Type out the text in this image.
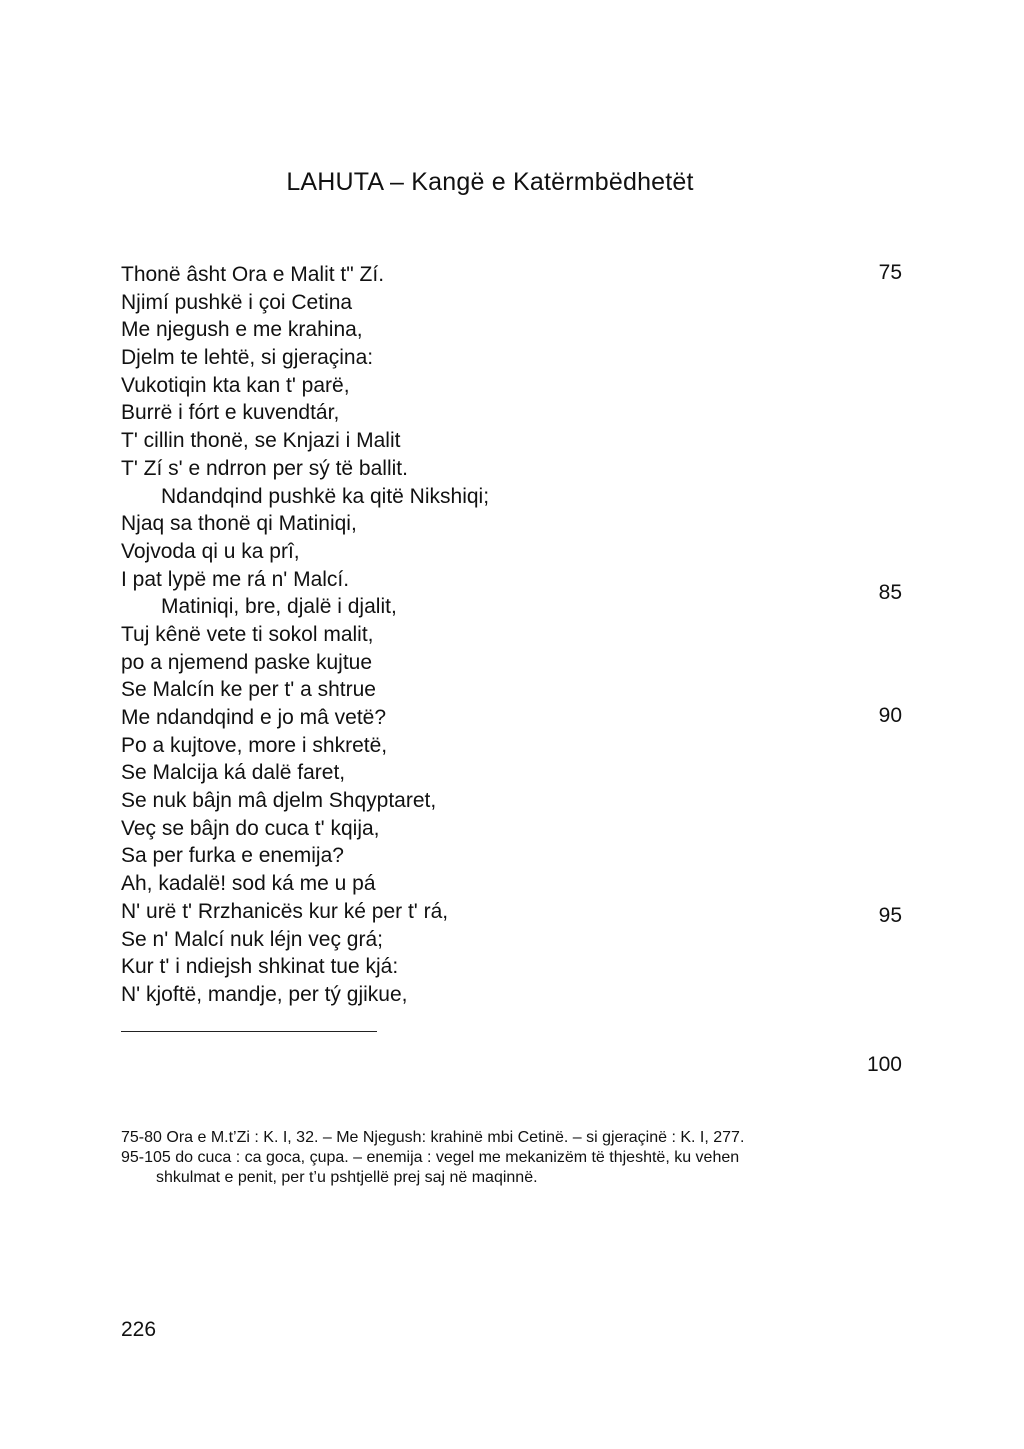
LAHUTA – Kangë e Katërmbëdhetët
Thonë âsht Ora e Malit t" Zí.
Njimí pushkë i çoi Cetina
Me njegush e me krahina,
Djelm te lehtë, si gjeraçina:
Vukotiqin kta kan t' parë,
Burrë i fórt e kuvendtár,
T' cillin thonë, se Knjazi i Malit
T' Zí s' e ndrron per sý të ballit.
Ndandqind pushkë ka qitë Nikshiqi;
Njaq sa thonë qi Matiniqi,
Vojvoda qi u ka prî,
I pat lypë me rá n' Malcí.
Matiniqi, bre, djalë i djalit,
Tuj kênë vete ti sokol malit,
po a njemend paske kujtue
Se Malcín ke per t' a shtrue
Me ndandqind e jo mâ vetë?
Po a kujtove, more i shkretë,
Se Malcija ká dalë faret,
Se nuk bâjn mâ djelm Shqyptaret,
Veç se bâjn do cuca t' kqija,
Sa per furka e enemija?
Ah, kadalë! sod ká me u pá
N' urë t' Rrzhanicës kur ké per t' rá,
Se n' Malcí nuk léjn veç grá;
Kur t' i ndiejsh shkinat tue kjá:
N' kjoftë, mandje, per tý gjikue,
75-80 Ora e M.t’Zi : K. I, 32. – Me Njegush: krahinë mbi Cetinë. – si gjeraçinë : K. I, 277.
95-105 do cuca : ca goca, çupa. – enemija : vegel me mekanizëm të thjeshtë, ku vehen
shkulmat e penit, per t’u pshtjellë prej saj në maqinnë.
226
75
85
90
95
100
